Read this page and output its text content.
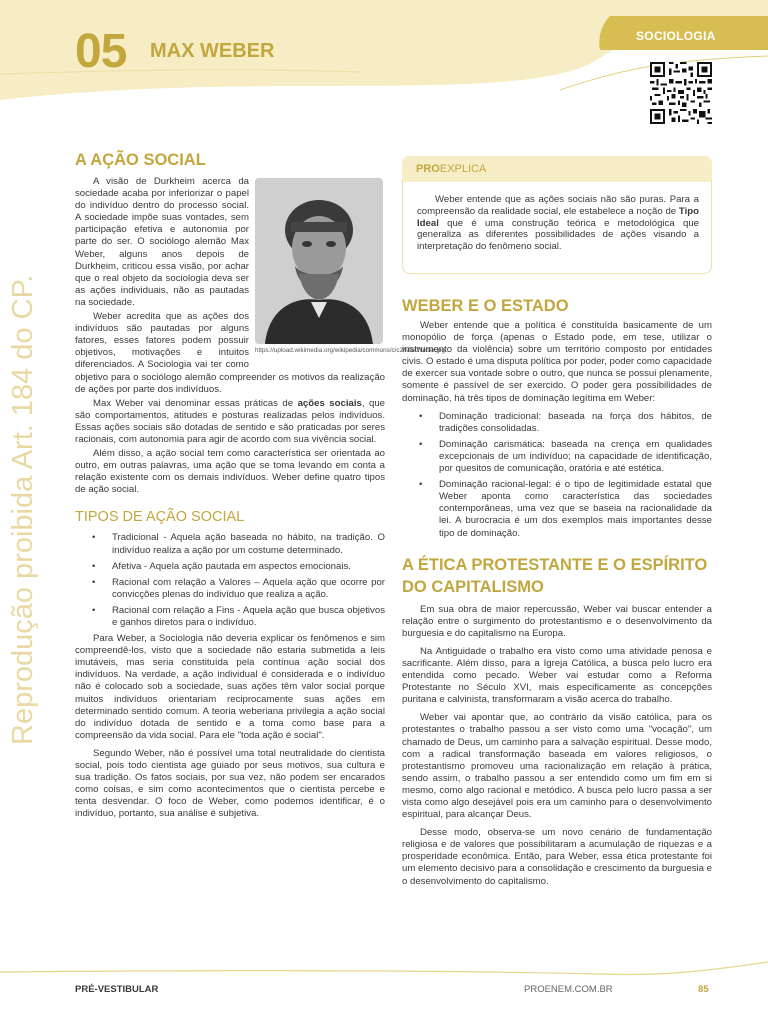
05 MAX WEBER
SOCIOLOGIA
Reprodução proibida Art. 184 do CP.
A AÇÃO SOCIAL
https://upload.wikimedia.org/wikipedia/commons/c/c2/MaxWeber.jpg

A visão de Durkheim acerca da sociedade acaba por inferiorizar o papel do indivíduo dentro do processo social. A sociedade impõe suas vontades, sem participação efetiva e autonomia por parte do ser. O sociólogo alemão Max Weber, alguns anos depois de Durkheim, criticou essa visão, por achar que o real objeto da sociologia deva ser as ações individuais, não as pautadas na sociedade.

Weber acredita que as ações dos indivíduos são pautadas por alguns fatores, esses fatores podem possuir objetivos, motivações e intuitos diferenciados. A Sociologia vai ter como objetivo para o sociólogo alemão compreender os motivos da realização de ações por parte dos indivíduos.

Max Weber vai denominar essas práticas de ações sociais, que são comportamentos, atitudes e posturas realizadas pelos indivíduos. Essas ações sociais são dotadas de sentido e são praticadas por seres racionais, com autonomia para agir de acordo com sua vivência social.

Além disso, a ação social tem como característica ser orientada ao outro, em outras palavras, uma ação que se toma levando em conta a relação existente com os demais indivíduos. Weber define quatro tipos de ação social.

TIPOS DE AÇÃO SOCIAL
• Tradicional - Aquela ação baseada no hábito, na tradição. O indivíduo realiza a ação por um costume determinado.
• Afetiva - Aquela ação pautada em aspectos emocionais.
• Racional com relação a Valores – Aquela ação que ocorre por convicções plenas do indivíduo que realiza a ação.
• Racional com relação a Fins - Aquela ação que busca objetivos e ganhos diretos para o indivíduo.

Para Weber, a Sociologia não deveria explicar os fenômenos e sim compreendê-los, visto que a sociedade não estaria submetida a leis imutáveis, mas seria constituída pela contínua ação social dos indivíduos. Na verdade, a ação individual é considerada e o indivíduo não é colocado sob a sociedade, suas ações têm valor social porque muitos indivíduos orientariam reciprocamente suas ações em determinado sentido comum. A teoria weberiana privilegia a ação social do indivíduo dotada de sentido e a toma como base para a compreensão da vida social. Para ele "toda ação é social".

Segundo Weber, não é possível uma total neutralidade do cientista social, pois todo cientista age guiado por seus motivos, sua cultura e sua tradição. Os fatos sociais, por sua vez, não podem ser encarados como coisas, e sim como acontecimentos que o cientista percebe e tenta desvendar. O foco de Weber, como podemos identificar, é o indivíduo, portanto, sua análise é subjetiva.

PROEXPLICA

Weber entende que as ações sociais não são puras. Para a compreensão da realidade social, ele estabelece a noção de Tipo Ideal que é uma construção teórica e metodológica que generaliza as diferentes possibilidades de ações visando a interpretação do fenômeno social.

WEBER E O ESTADO

Weber entende que a política é constituída basicamente de um monopólio de força (apenas o Estado pode, em tese, utilizar o instrumento da violência) sobre um território composto por entidades civis. O estado é uma disputa política por poder, poder como capacidade de exercer sua vontade sobre o outro, que nunca se possui plenamente, somente é passível de ser exercido. O poder gera possibilidades de dominação, há três tipos de dominação legítima em Weber:

• Dominação tradicional: baseada na força dos hábitos, de tradições consolidadas.
• Dominação carismática: baseada na crença em qualidades excepcionais de um indivíduo; na capacidade de identificação, por quesitos de comunicação, oratória e até estética.
• Dominação racional-legal: é o tipo de legitimidade estatal que Weber aponta como característica das sociedades contemporâneas, uma vez que se baseia na racionalidade da lei. A burocracia é um dos exemplos mais importantes desse tipo de dominação.
A ÉTICA PROTESTANTE E O ESPÍRITO DO CAPITALISMO

Em sua obra de maior repercussão, Weber vai buscar entender a relação entre o surgimento do protestantismo e o desenvolvimento da burguesia e do capitalismo na Europa.

Na Antiguidade o trabalho era visto como uma atividade penosa e sacrificante. Além disso, para a Igreja Católica, a busca pelo lucro era entendida como pecado. Weber vai estudar como a Reforma Protestante no Século XVI, mais especificamente as concepções puritana e calvinista, transformaram a visão acerca do trabalho.

Weber vai apontar que, ao contrário da visão católica, para os protestantes o trabalho passou a ser visto como uma "vocação", um chamado de Deus, um caminho para a salvação espiritual. Desse modo, com a radical transformação baseada em valores religiosos, o protestantismo promoveu uma racionalização em relação à prática, sendo assim, o trabalho passou a ser entendido como um fim em si mesmo, como algo racional e metódico. A busca pelo lucro passa a ser vista como algo desejável pois era um caminho para o desenvolvimento espiritual, para alcançar Deus.

Desse modo, observa-se um novo cenário de fundamentação religiosa e de valores que possibilitaram a acumulação de riquezas e a prosperidade econômica. Então, para Weber, essa ética protestante foi um elemento decisivo para a consolidação e crescimento da burguesia e o desenvolvimento do capitalismo.

PRÉ-VESTIBULAR	PROENEM.COM.BR	85
